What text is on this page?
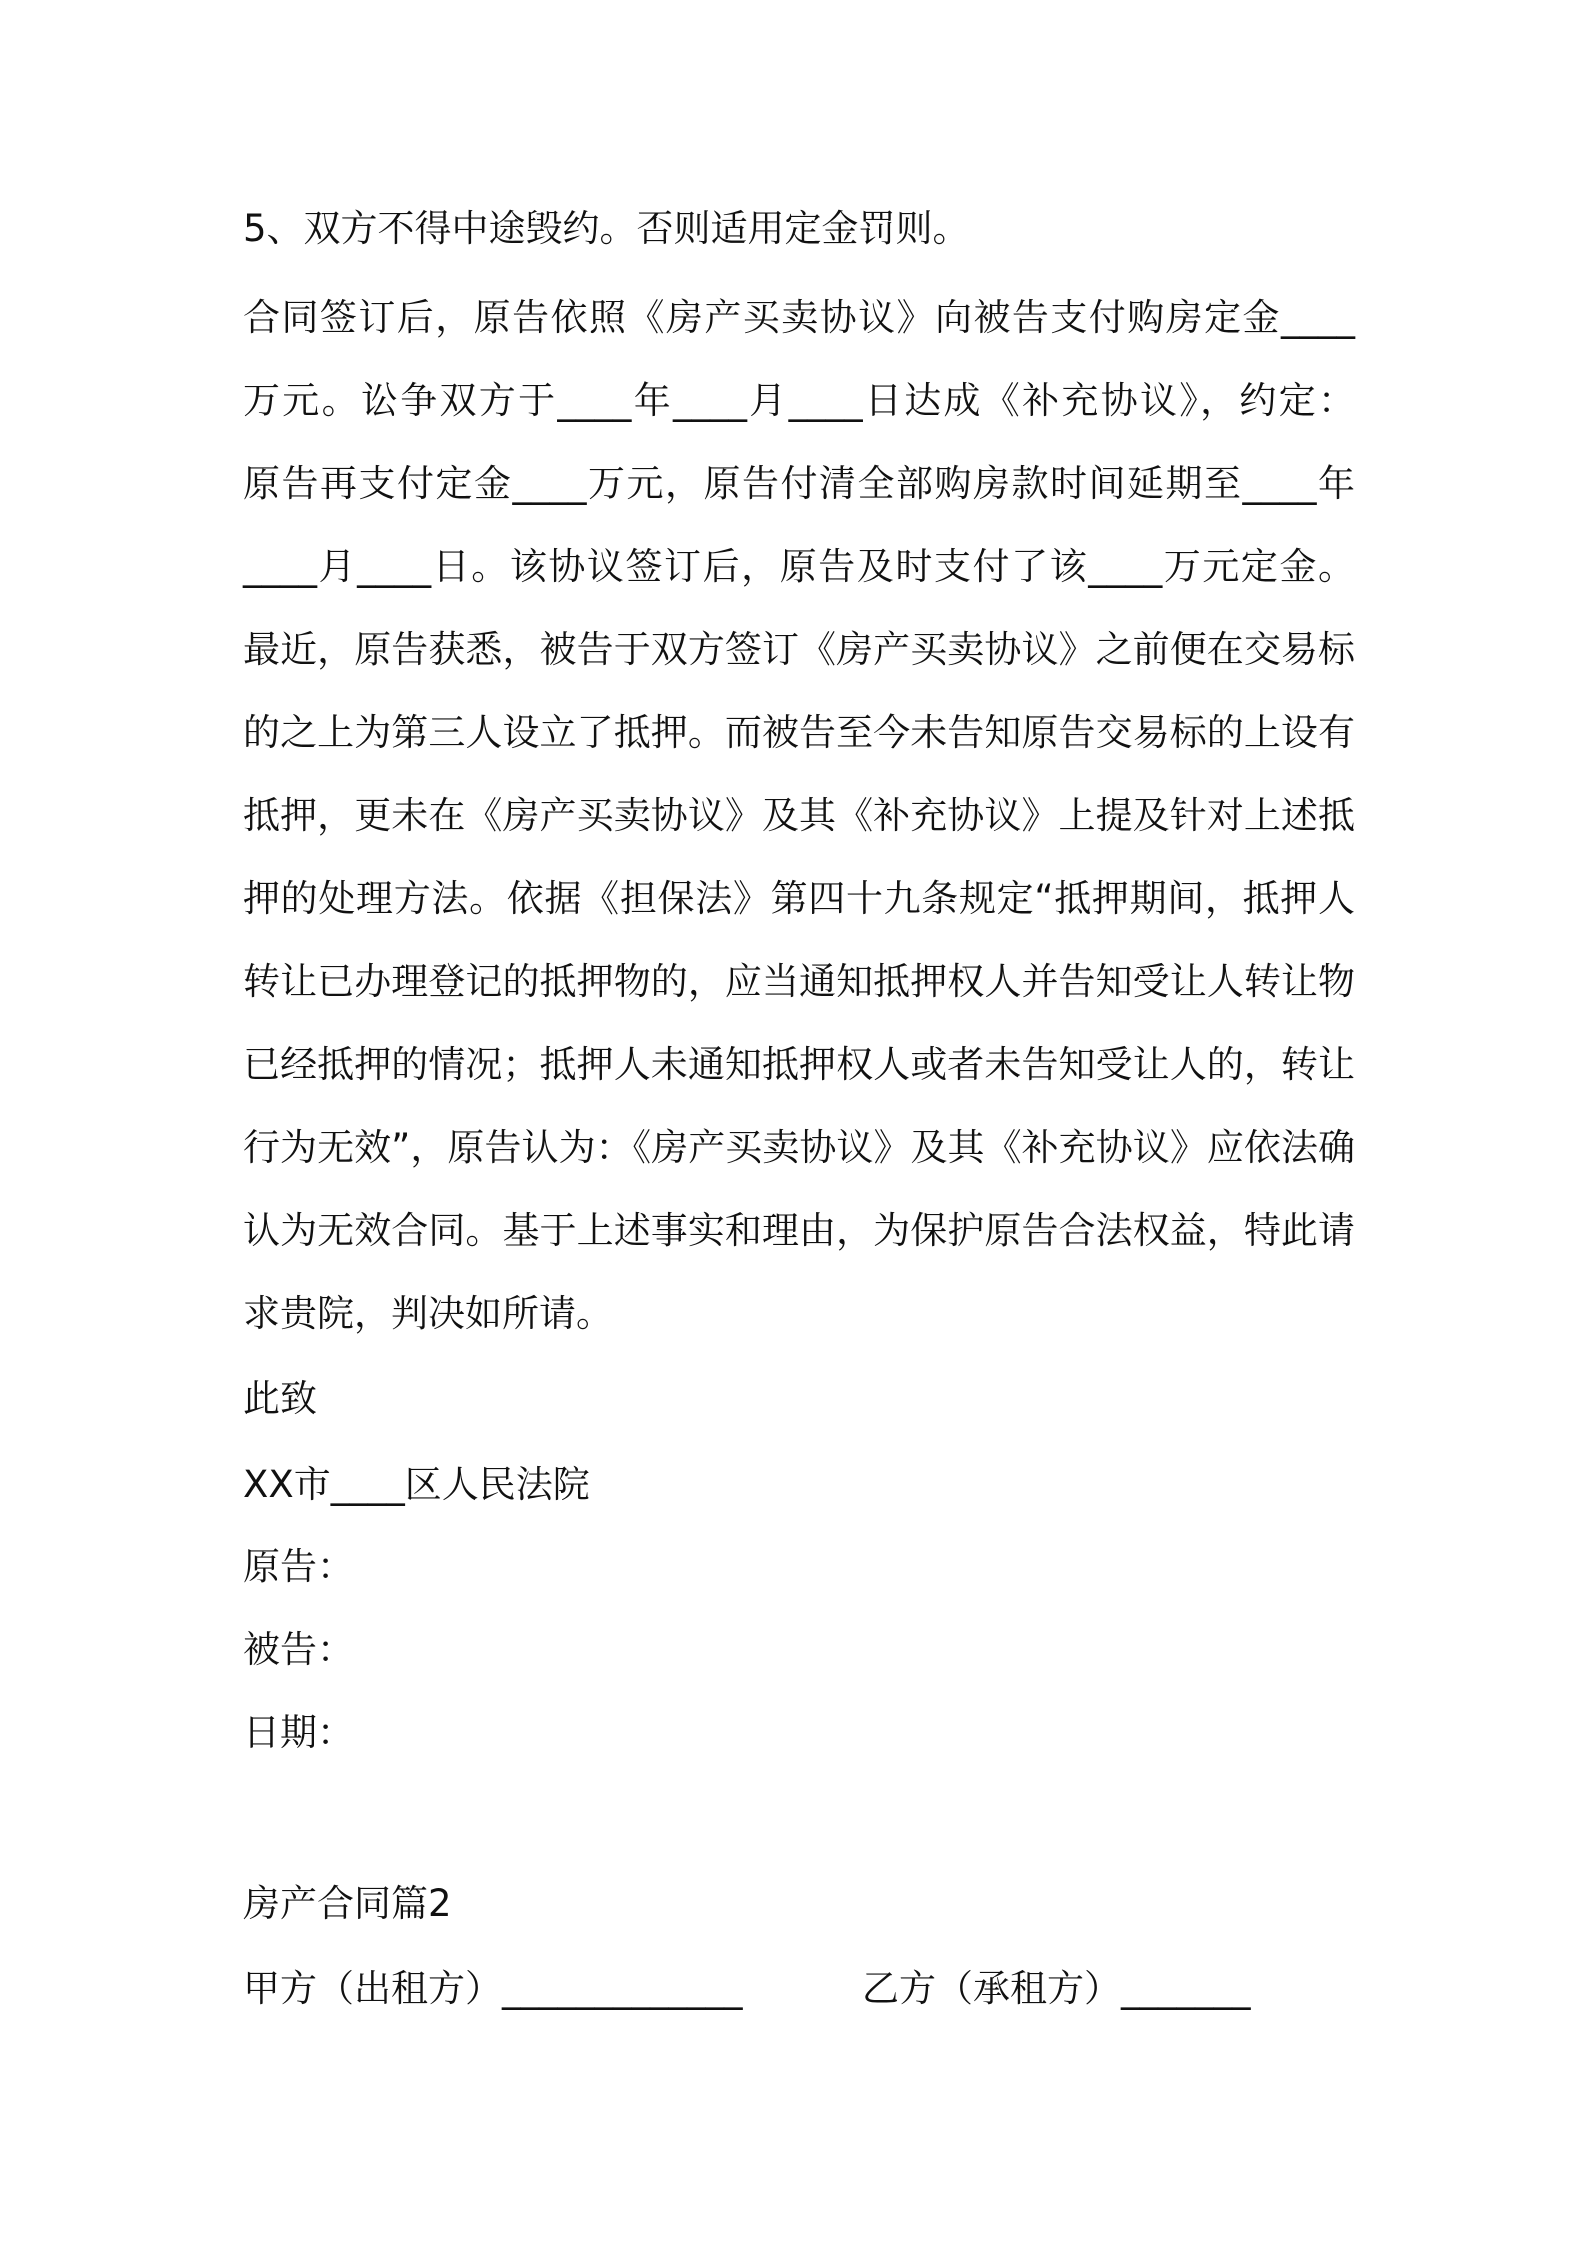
5、双方不得中途毁约。否则适用定金罚则。
合同签订后，原告依照《房产买卖协议》向被告支付购房定金____
万元。讼争双方于____年____月____日达成《补充协议》，约定：
原告再支付定金____万元，原告付清全部购房款时间延期至____年
____月____日。该协议签订后，原告及时支付了该____万元定金。
最近，原告获悉，被告于双方签订《房产买卖协议》之前便在交易标
的之上为第三人设立了抵押。而被告至今未告知原告交易标的上设有
抵押，更未在《房产买卖协议》及其《补充协议》上提及针对上述抵
押的处理方法。依据《担保法》第四十九条规定“抵押期间，抵押人
转让已办理登记的抵押物的，应当通知抵押权人并告知受让人转让物
已经抵押的情况；抵押人未通知抵押权人或者未告知受让人的，转让
行为无效”，原告认为：《房产买卖协议》及其《补充协议》应依法确
认为无效合同。基于上述事实和理由，为保护原告合法权益，特此请
求贵院，判决如所请。
此致
XX市____区人民法院
原告：
被告：
日期：
房产合同篇2
甲方（出租方）_____________	乙方（承租方）_______
